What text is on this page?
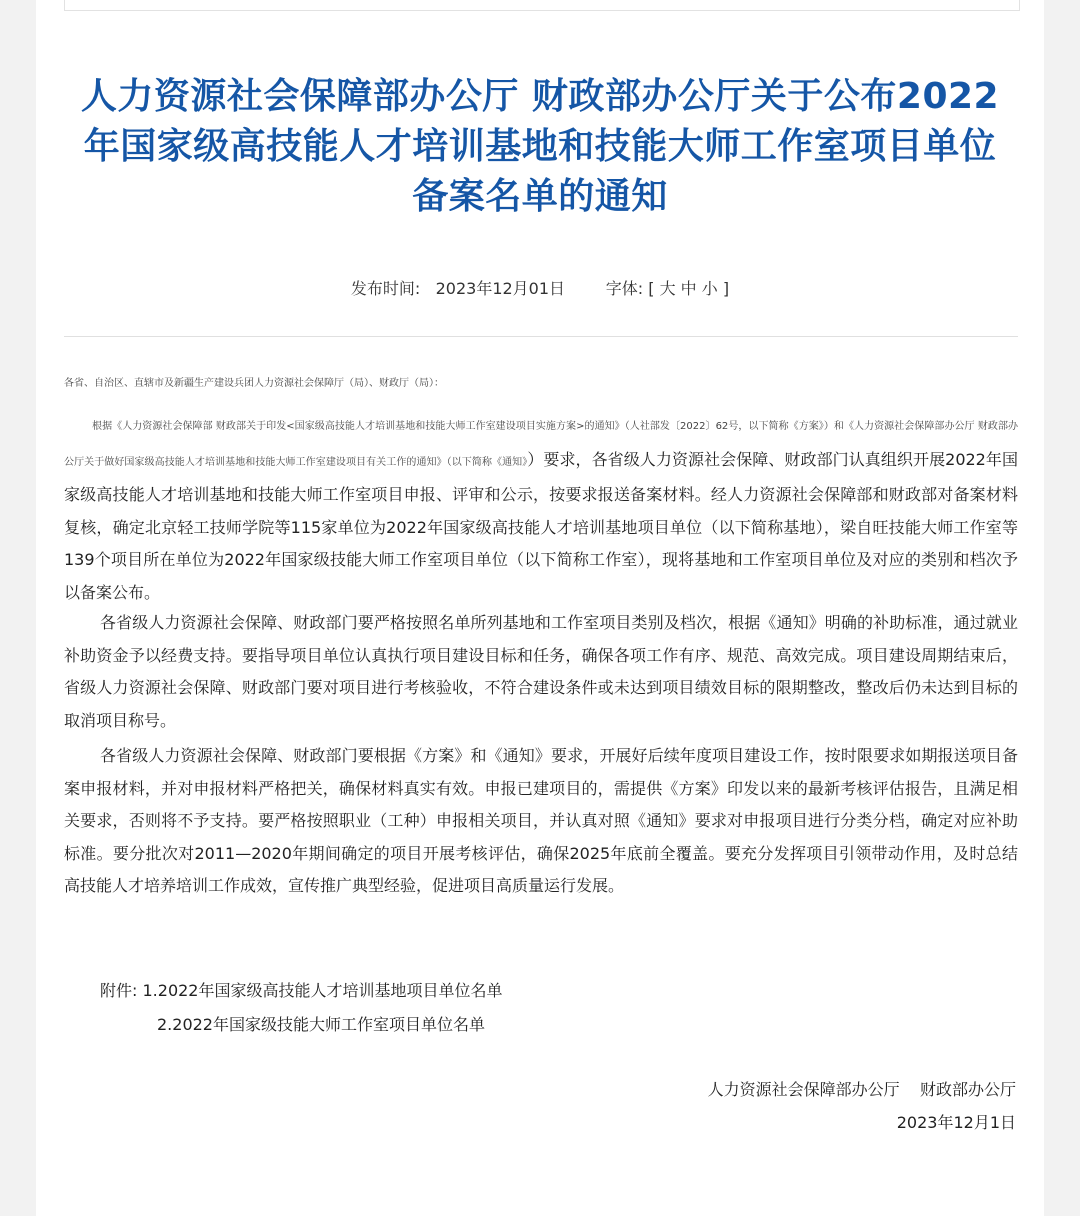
人力资源社会保障部办公厅 财政部办公厅关于公布2022年国家级高技能人才培训基地和技能大师工作室项目单位备案名单的通知
发布时间: 2023年12月01日	字体: [ 大 中 小 ]
各省、自治区、直辖市及新疆生产建设兵团人力资源社会保障厅（局）、财政厅（局）：
根据《人力资源社会保障部 财政部关于印发<国家级高技能人才培训基地和技能大师工作室建设项目实施方案>的通知》（人社部发〔2022〕62号，以下简称《方案》）和《人力资源社会保障部办公厅 财政部办公厅关于做好国家级高技能人才培训基地和技能大师工作室建设项目有关工作的通知》（以下简称《通知》）要求，各省级人力资源社会保障、财政部门认真组织开展2022年国家级高技能人才培训基地和技能大师工作室项目申报、评审和公示，按要求报送备案材料。经人力资源社会保障部和财政部对备案材料复核，确定北京轻工技师学院等115家单位为2022年国家级高技能人才培训基地项目单位（以下简称基地），梁自旺技能大师工作室等139个项目所在单位为2022年国家级技能大师工作室项目单位（以下简称工作室），现将基地和工作室项目单位及对应的类别和档次予以备案公布。
各省级人力资源社会保障、财政部门要严格按照名单所列基地和工作室项目类别及档次，根据《通知》明确的补助标准，通过就业补助资金予以经费支持。要指导项目单位认真执行项目建设目标和任务，确保各项工作有序、规范、高效完成。项目建设周期结束后，省级人力资源社会保障、财政部门要对项目进行考核验收，不符合建设条件或未达到项目绩效目标的限期整改，整改后仍未达到目标的取消项目称号。
各省级人力资源社会保障、财政部门要根据《方案》和《通知》要求，开展好后续年度项目建设工作，按时限要求如期报送项目备案申报材料，并对申报材料严格把关，确保材料真实有效。申报已建项目的，需提供《方案》印发以来的最新考核评估报告，且满足相关要求，否则将不予支持。要严格按照职业（工种）申报相关项目，并认真对照《通知》要求对申报项目进行分类分档，确定对应补助标准。要分批次对2011—2020年期间确定的项目开展考核评估，确保2025年底前全覆盖。要充分发挥项目引领带动作用，及时总结高技能人才培养培训工作成效，宣传推广典型经验，促进项目高质量运行发展。
附件: 1.2022年国家级高技能人才培训基地项目单位名单
2.2022年国家级技能大师工作室项目单位名单
人力资源社会保障部办公厅    财政部办公厅
2023年12月1日
